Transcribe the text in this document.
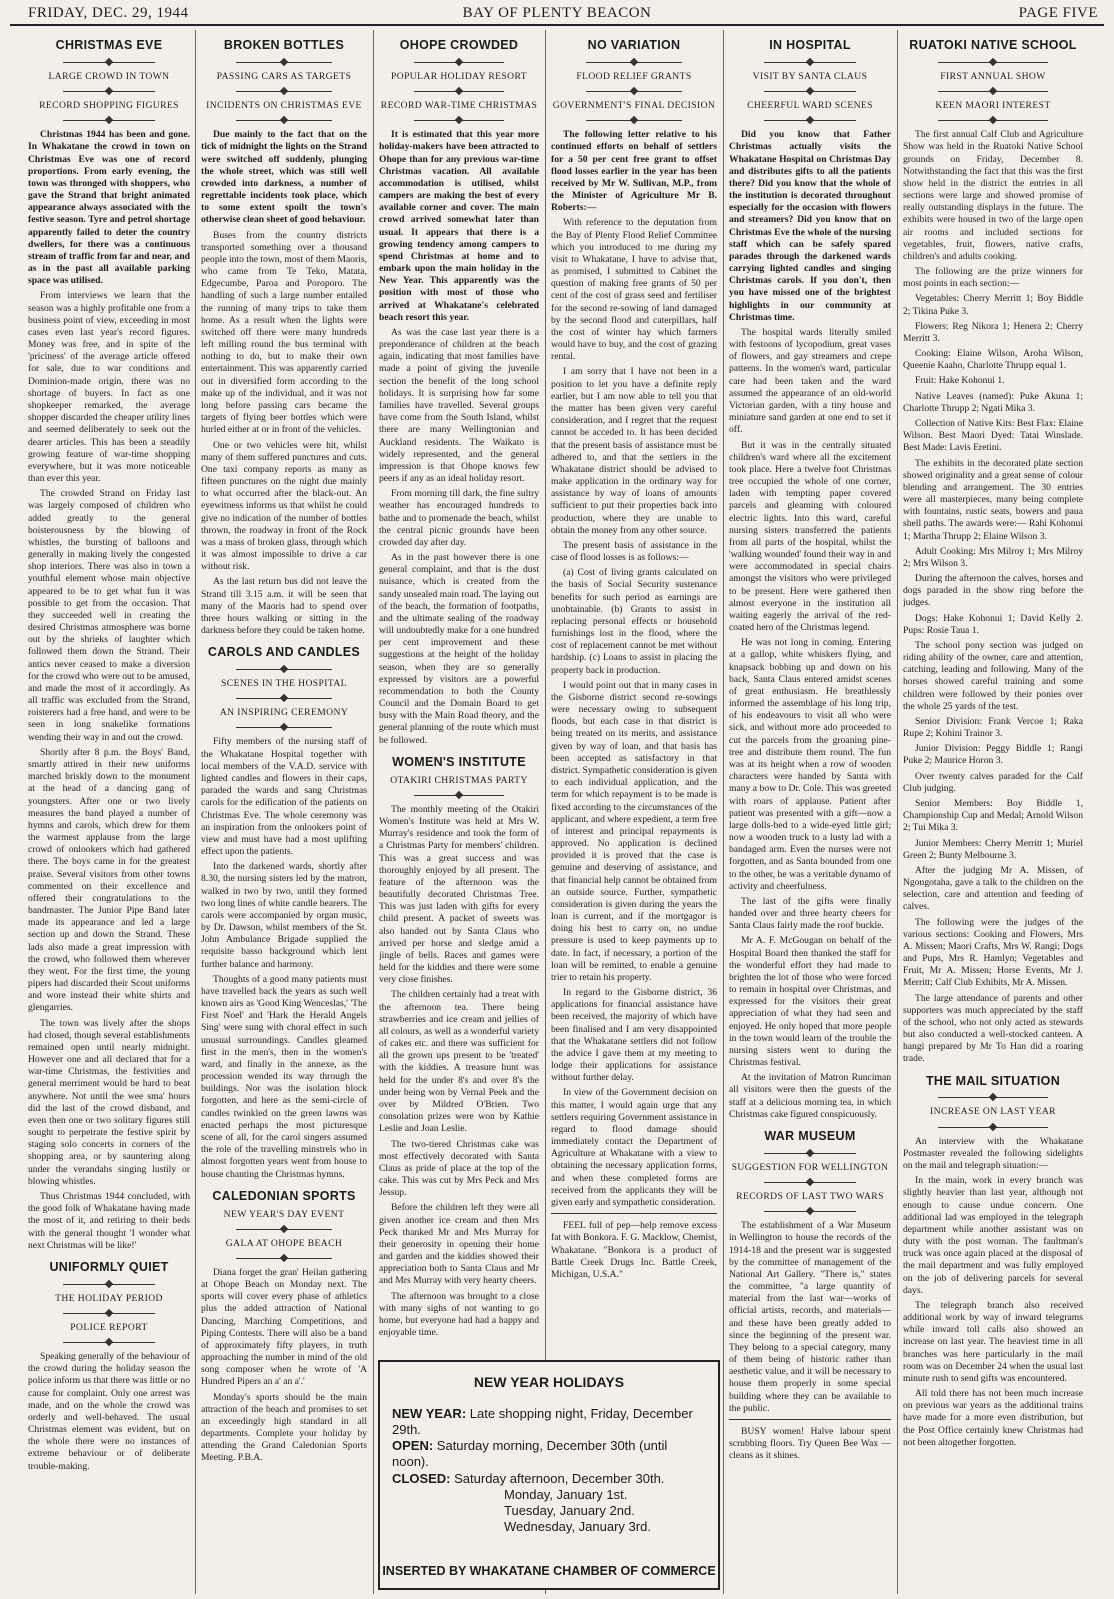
FRIDAY, DEC. 29, 1944	BAY OF PLENTY BEACON	PAGE FIVE
CHRISTMAS EVE
LARGE CROWD IN TOWN
RECORD SHOPPING FIGURES

Christmas 1944 has been and gone. In Whakatane the crowd in town on Christmas Eve was one of record proportions. From early evening, the town was thronged with shoppers, who gave the Strand that bright animated appearance always associated with the festive season. Tyre and petrol shortage apparently failed to deter the country dwellers, for there was a continuous stream of traffic from far and near, and as in the past all available parking space was utilised.

From interviews we learn that the season was a highly profitable one from a business point of view, exceeding in most cases even last year's record figures. Money was free, and in spite of the 'priciness' of the average article offered for sale, due to war conditions and Dominion-made origin, there was no shortage of buyers. In fact as one shopkeeper remarked, the average shopper discarded the cheaper utility lines and seemed deliberately to seek out the dearer articles. This has been a steadily growing feature of war-time shopping everywhere, but it was more noticeable than ever this year.

The crowded Strand on Friday last was largely composed of children who added greatly to the general boisterousness by the blowing of whistles, the bursting of balloons and generally in making lively the congested shop interiors. There was also in town a youthful element whose main objective appeared to be to get what fun it was possible to get from the occasion. That they succeeded well in creating the desired Christmas atmosphere was borne out by the shrieks of laughter which followed them down the Strand. Their antics never ceased to make a diversion for the crowd who were out to be amused, and made the most of it accordingly. As all traffic was excluded from the Strand, roisterers had a free hand, and were to be seen in long snakelike formations wending their way in and out the crowd.

Shortly after 8 p.m. the Boys' Band, smartly attired in their new uniforms marched briskly down to the monument at the head of a dancing gang of youngsters. After one or two lively measures the band played a number of hymns and carols, which drew for them the warmest applause from the large crowd of onlookers which had gathered there. The boys came in for the greatest praise. Several visitors from other towns commented on their excellence and offered their congratulations to the bandmaster. The Junior Pipe Band later made its appearance and led a large section up and down the Strand. These lads also made a great impression with the crowd, who followed them wherever they went. For the first time, the young pipers had discarded their Scout uniforms and wore instead their white shirts and glengarries.

The town was lively after the shops had closed, though several establishments remained open until nearly midnight. However one and all declared that for a war-time Christmas, the festivities and general merriment would be hard to beat anywhere. Not until the wee sma' hours did the last of the crowd disband, and even then one or two solitary figures still sought to perpetrate the festive spirit by staging solo concerts in corners of the shopping area, or by sauntering along under the verandahs singing lustily or blowing whistles.

Thus Christmas 1944 concluded, with the good folk of Whakatane having made the most of it, and retiring to their beds with the general thought 'I wonder what next Christmas will be like!'

UNIFORMLY QUIET
THE HOLIDAY PERIOD
POLICE REPORT

Speaking generally of the behaviour of the crowd during the holiday season the police inform us that there was little or no cause for complaint. Only one arrest was made, and on the whole the crowd was orderly and well-behaved. The usual Christmas element was evident, but on the whole there were no instances of extreme behaviour or of deliberate trouble-making.

BROKEN BOTTLES
PASSING CARS AS TARGETS
INCIDENTS ON CHRISTMAS EVE

Due mainly to the fact that on the tick of midnight the lights on the Strand were switched off suddenly, plunging the whole street, which was still well crowded into darkness, a number of regrettable incidents took place, which to some extent spoilt the town's otherwise clean sheet of good behaviour.

Buses from the country districts transported something over a thousand people into the town, most of them Maoris, who came from Te Teko, Matata, Edgecumbe, Paroa and Poroporo. The handling of such a large number entailed the running of many trips to take them home. As a result when the lights were switched off there were many hundreds left milling round the bus terminal with nothing to do, but to make their own entertainment. This was apparently carried out in diversified form according to the make up of the individual, and it was not long before passing cars became the targets of flying beer bottles which were hurled either at or in front of the vehicles.

One or two vehicles were hit, whilst many of them suffered punctures and cuts. One taxi company reports as many as fifteen punctures on the night due mainly to what occurred after the black-out. An eyewitness informs us that whilst he could give no indication of the number of bottles thrown, the roadway in front of the Rock was a mass of broken glass, through which it was almost impossible to drive a car without risk.

As the last return bus did not leave the Strand till 3.15 a.m. it will be seen that many of the Maoris had to spend over three hours walking or sitting in the darkness before they could be taken home.

CAROLS AND CANDLES
SCENES IN THE HOSPITAL
AN INSPIRING CEREMONY

Fifty members of the nursing staff of the Whakatane Hospital together with local members of the V.A.D. service with lighted candles and flowers in their caps, paraded the wards and sang Christmas carols for the edification of the patients on Christmas Eve. The whole ceremony was an inspiration from the onlookers point of view and must have had a most uplifting effect upon the patients.

Into the darkened wards, shortly after 8.30, the nursing sisters led by the matron, walked in two by two, until they formed two long lines of white candle bearers. The carols were accompanied by organ music, by Dr. Dawson, whilst members of the St. John Ambulance Brigade supplied the requisite basso background which lent further balance and harmony.

Thoughts of a good many patients must have travelled back the years as such well known airs as 'Good King Wenceslas,' 'The First Noel' and 'Hark the Herald Angels Sing' were sung with choral effect in such unusual surroundings. Candles gleamed first in the men's, then in the women's ward, and finally in the annexe, as the procession wended its way through the buildings. Nor was the isolation block forgotten, and here as the semi-circle of candles twinkled on the green lawns was enacted perhaps the most picturesque scene of all, for the carol singers assumed the role of the travelling minstrels who in almost forgotten years went from house to house chanting the Christmas hymns.

CALEDONIAN SPORTS
NEW YEAR'S DAY EVENT
GALA AT OHOPE BEACH

Diana forget the gran' Heilan gathering at Ohope Beach on Monday next. The sports will cover every phase of athletics plus the added attraction of National Dancing, Marching Competitions, and Piping Contests. There will also be a band of approximately fifty players, in truth approaching the number in mind of the old song composer when he wrote of 'A Hundred Pipers an a' an a'.'

Monday's sports should be the main attraction of the beach and promises to set an exceedingly high standard in all departments. Complete your holiday by attending the Grand Caledonian Sports Meeting. P.B.A.

OHOPE CROWDED
POPULAR HOLIDAY RESORT
RECORD WAR-TIME CHRISTMAS

It is estimated that this year more holiday-makers have been attracted to Ohope than for any previous war-time Christmas vacation. All available accommodation is utilised, whilst campers are making the best of every available corner and cover. The main crowd arrived somewhat later than usual. It appears that there is a growing tendency among campers to spend Christmas at home and to embark upon the main holiday in the New Year. This apparently was the position with most of those who arrived at Whakatane's celebrated beach resort this year.

As was the case last year there is a preponderance of children at the beach again, indicating that most families have made a point of giving the juvenile section the benefit of the long school holidays. It is surprising how far some families have travelled. Several groups have come from the South Island, whilst there are many Wellingtonian and Auckland residents. The Waikato is widely represented, and the general impression is that Ohope knows few peers if any as an ideal holiday resort.

From morning till dark, the fine sultry weather has encouraged hundreds to bathe and to promenade the beach, whilst the central picnic grounds have been crowded day after day.

As in the past however there is one general complaint, and that is the dust nuisance, which is created from the sandy unsealed main road. The laying out of the beach, the formation of footpaths, and the ultimate sealing of the roadway will undoubtedly make for a one hundred per cent improvement and these suggestions at the height of the holiday season, when they are so generally expressed by visitors are a powerful recommendation to both the County Council and the Domain Board to get busy with the Main Road theory, and the general planning of the route which must be followed.

WOMEN'S INSTITUTE
OTAKIRI CHRISTMAS PARTY

The monthly meeting of the Otakiri Women's Institute was held at Mrs W. Murray's residence and took the form of a Christmas Party for members' children. This was a great success and was thoroughly enjoyed by all present. The feature of the afternoon was the beautifully decorated Christmas Tree. This was just laden with gifts for every child present. A packet of sweets was also handed out by Santa Claus who arrived per horse and sledge amid a jingle of bells. Races and games were held for the kiddies and there were some very close finishes.

The children certainly had a treat with the afternoon tea. There being strawberries and ice cream and jellies of all colours, as well as a wonderful variety of cakes etc. and there was sufficient for all the grown ups present to be 'treated' with the kiddies. A treasure hunt was held for the under 8's and over 8's the under being won by Vernal Peek and the over by Mildred O'Brien. Two consolation prizes were won by Kathie Leslie and Joan Leslie.

The two-tiered Christmas cake was most effectively decorated with Santa Claus as pride of place at the top of the cake. This was cut by Mrs Peck and Mrs Jessup.

Before the children left they were all given another ice cream and then Mrs Peck thanked Mr and Mrs Murray for their generosity in opening their home and garden and the kiddies showed their appreciation both to Santa Claus and Mr and Mrs Murray with very hearty cheers.

The afternoon was brought to a close with many sighs of not wanting to go home, but everyone had had a happy and enjoyable time.

NO VARIATION
FLOOD RELIEF GRANTS
GOVERNMENT'S FINAL DECISION

The following letter relative to his continued efforts on behalf of settlers for a 50 per cent free grant to offset flood losses earlier in the year has been received by Mr W. Sullivan, M.P., from the Minister of Agriculture Mr B. Roberts:—

With reference to the deputation from the Bay of Plenty Flood Relief Committee which you introduced to me during my visit to Whakatane, I have to advise that, as promised, I submitted to Cabinet the question of making free grants of 50 per cent of the cost of grass seed and fertiliser for the second re-sowing of land damaged by the second flood and caterpillars, half the cost of winter hay which farmers would have to buy, and the cost of grazing rental.

I am sorry that I have not been in a position to let you have a definite reply earlier, but I am now able to tell you that the matter has been given very careful consideration, and I regret that the request cannot be acceded to. It has been decided that the present basis of assistance must be adhered to, and that the settlers in the Whakatane district should be advised to make application in the ordinary way for assistance by way of loans of amounts sufficient to put their properties back into production, where they are unable to obtain the money from any other source.

The present basis of assistance in the case of flood losses is as follows:—

(a) Cost of living grants calculated on the basis of Social Security sustenance benefits for such period as earnings are unobtainable. (b) Grants to assist in replacing personal effects or household furnishings lost in the flood, where the cost of replacement cannot be met without hardship. (c) Loans to assist in placing the property back in production.

I would point out that in many cases in the Gisborne district second re-sowings were necessary owing to subsequent floods, but each case in that district is being treated on its merits, and assistance given by way of loan, and that basis has been accepted as satisfactory in that district. Sympathetic consideration is given to each individual application, and the term for which repayment is to be made is fixed according to the circumstances of the applicant, and where expedient, a term free of interest and principal repayments is approved. No application is declined provided it is proved that the case is genuine and deserving of assistance, and that financial help cannot be obtained from an outside source. Further, sympathetic consideration is given during the years the loan is current, and if the mortgagor is doing his best to carry on, no undue pressure is used to keep payments up to date. In fact, if necessary, a portion of the loan will be remitted, to enable a genuine trier to retain his property.

In regard to the Gisborne district, 36 applications for financial assistance have been received, the majority of which have been finalised and I am very disappointed that the Whakatane settlers did not follow the advice I gave them at my meeting to lodge their applications for assistance without further delay.

In view of the Government decision on this matter, I would again urge that any settlers requiring Government assistance in regard to flood damage should immediately contact the Department of Agriculture at Whakatane with a view to obtaining the necessary application forms, and when these completed forms are received from the applicants they will be given early and sympathetic consideration.

FEEL full of pep—help remove excess fat with Bonkora. F. G. Macklow, Chemist, Whakatane. "Bonkora is a product of Battle Creek Drugs Inc. Battle Creek, Michigan, U.S.A."

IN HOSPITAL
VISIT BY SANTA CLAUS
CHEERFUL WARD SCENES

Did you know that Father Christmas actually visits the Whakatane Hospital on Christmas Day and distributes gifts to all the patients there? Did you know that the whole of the institution is decorated throughout especially for the occasion with flowers and streamers? Did you know that on Christmas Eve the whole of the nursing staff which can be safely spared parades through the darkened wards carrying lighted candles and singing Christmas carols. If you don't, then you have missed one of the brightest highlights in our community at Christmas time.

The hospital wards literally smiled with festoons of lycopodium, great vases of flowers, and gay streamers and crepe patterns. In the women's ward, particular care had been taken and the ward assumed the appearance of an old-world Victorian garden, with a tiny house and miniature sand garden at one end to set it off.

But it was in the centrally situated children's ward where all the excitement took place. Here a twelve foot Christmas tree occupied the whole of one corner, laden with tempting paper covered parcels and gleaming with coloured electric lights. Into this ward, careful nursing sisters transferred the patients from all parts of the hospital, whilst the 'walking wounded' found their way in and were accommodated in special chairs amongst the visitors who were privileged to be present. Here were gathered then almost everyone in the institution all waiting eagerly the arrival of the red-coated hero of the Christmas legend.

He was not long in coming. Entering at a gallop, white whiskers flying, and knapsack bobbing up and down on his back, Santa Claus entered amidst scenes of great enthusiasm. He breathlessly informed the assemblage of his long trip, of his endeavours to visit all who were sick, and without more ado proceeded to cut the parcels from the groaning pine-tree and distribute them round. The fun was at its height when a row of wooden characters were handed by Santa with many a bow to Dr. Cole. This was greeted with roars of applause. Patient after patient was presented with a gift—now a large dolls-bed to a wide-eyed little girl; now a wooden truck to a lusty lad with a bandaged arm. Even the nurses were not forgotten, and as Santa bounded from one to the other, he was a veritable dynamo of activity and cheerfulness.

The last of the gifts were finally handed over and three hearty cheers for Santa Claus fairly made the roof buckle.

Mr A. F. McGougan on behalf of the Hospital Board then thanked the staff for the wonderful effort they had made to brighten the lot of those who were forced to remain in hospital over Christmas, and expressed for the visitors their great appreciation of what they had seen and enjoyed. He only hoped that more people in the town would learn of the trouble the nursing sisters went to during the Christmas festival.

At the invitation of Matron Runciman all visitors were then the guests of the staff at a delicious morning tea, in which Christmas cake figured conspicuously.

WAR MUSEUM
SUGGESTION FOR WELLINGTON
RECORDS OF LAST TWO WARS

The establishment of a War Museum in Wellington to house the records of the 1914-18 and the present war is suggested by the committee of management of the National Art Gallery. "There is," states the committee, "a large quantity of material from the last war—works of official artists, records, and materials—and these have been greatly added to since the beginning of the present war. They belong to a special category, many of them being of historic rather than aesthetic value, and it will be necessary to house them properly in some special building where they can be available to the public.

BUSY women! Halve labour spent scrubbing floors. Try Queen Bee Wax —cleans as it shines.

RUATOKI NATIVE SCHOOL
FIRST ANNUAL SHOW
KEEN MAORI INTEREST

The first annual Calf Club and Agriculture Show was held in the Ruatoki Native School grounds on Friday, December 8. Notwithstanding the fact that this was the first show held in the district the entries in all sections were large and showed promise of really outstanding displays in the future. The exhibits were housed in two of the large open air rooms and included sections for vegetables, fruit, flowers, native crafts, children's and adults cooking.

The following are the prize winners for most points in each section:—

Vegetables: Cherry Merritt 1; Boy Biddle 2; Tikina Puke 3.

Flowers: Reg Nikora 1; Henera 2; Cherry Merritt 3.

Cooking: Elaine Wilson, Aroha Wilson, Queenie Kaaho, Charlotte Thrupp equal 1.

Fruit: Hake Kohonui 1.

Native Leaves (named): Puke Akuna 1; Charlotte Thrupp 2; Ngati Mika 3.

Collection of Native Kits: Best Flax: Elaine Wilson. Best Maori Dyed: Tatai Winslade. Best Made: Lavis Eretini.

The exhibits in the decorated plate section showed originality and a great sense of colour blending and arrangement. The 30 entries were all masterpieces, many being complete with fountains, rustic seats, bowers and paua shell paths. The awards were:— Rahi Kohonui 1; Martha Thrupp 2; Elaine Wilson 3.

Adult Cooking: Mrs Milroy 1; Mrs Milroy 2; Mrs Wilson 3.

During the afternoon the calves, horses and dogs paraded in the show ring before the judges.

Dogs: Hake Kohonui 1; David Kelly 2. Pups: Rosie Taua 1.

The school pony section was judged on riding ability of the owner, care and attention, catching, leading and following. Many of the horses showed careful training and some children were followed by their ponies over the whole 25 yards of the test.

Senior Division: Frank Vercoe 1; Raka Rupe 2; Kohini Trainor 3.

Junior Division: Peggy Biddle 1; Rangi Puke 2; Maurice Horon 3.

Over twenty calves paraded for the Calf Club judging.

Senior Members: Boy Biddle 1, Championship Cup and Medal; Arnold Wilson 2; Tui Mika 3.

Junior Members: Cherry Merritt 1; Muriel Green 2; Bunty Melbourne 3.

After the judging Mr A. Missen, of Ngongotaha, gave a talk to the children on the selection, care and attention and feeding of calves.

The following were the judges of the various sections: Cooking and Flowers, Mrs A. Missen; Maori Crafts, Mrs W. Rangi; Dogs and Pups, Mrs R. Hamlyn; Vegetables and Fruit, Mr A. Missen; Horse Events, Mr J. Merritt; Calf Club Exhibits, Mr A. Missen.

The large attendance of parents and other supporters was much appreciated by the staff of the school, who not only acted as stewards but also conducted a well-stocked canteen. A hangi prepared by Mr To Han did a roaring trade.

THE MAIL SITUATION
INCREASE ON LAST YEAR

An interview with the Whakatane Postmaster revealed the following sidelights on the mail and telegraph situation:—

In the main, work in every branch was slightly heavier than last year, although not enough to cause undue concern. One additional lad was employed in the telegraph department while another assistant was on duty with the post woman. The faultman's truck was once again placed at the disposal of the mail department and was fully employed on the job of delivering parcels for several days.

The telegraph branch also received additional work by way of inward telegrams while inward toll calls also showed an increase on last year. The heaviest time in all branches was here particularly in the mail room was on December 24 when the usual last minute rush to send gifts was encountered.

All told there has not been much increase on previous war years as the additional trains have made for a more even distribution, but the Post Office certainly knew Christmas had not been altogether forgotten.

NEW YEAR HOLIDAYS

NEW YEAR: Late shopping night, Friday, December 29th.

OPEN: Saturday morning, December 30th (until noon).

CLOSED: Saturday afternoon, December 30th.

Monday, January 1st.

Tuesday, January 2nd.

Wednesday, January 3rd.

INSERTED BY WHAKATANE CHAMBER OF COMMERCE
